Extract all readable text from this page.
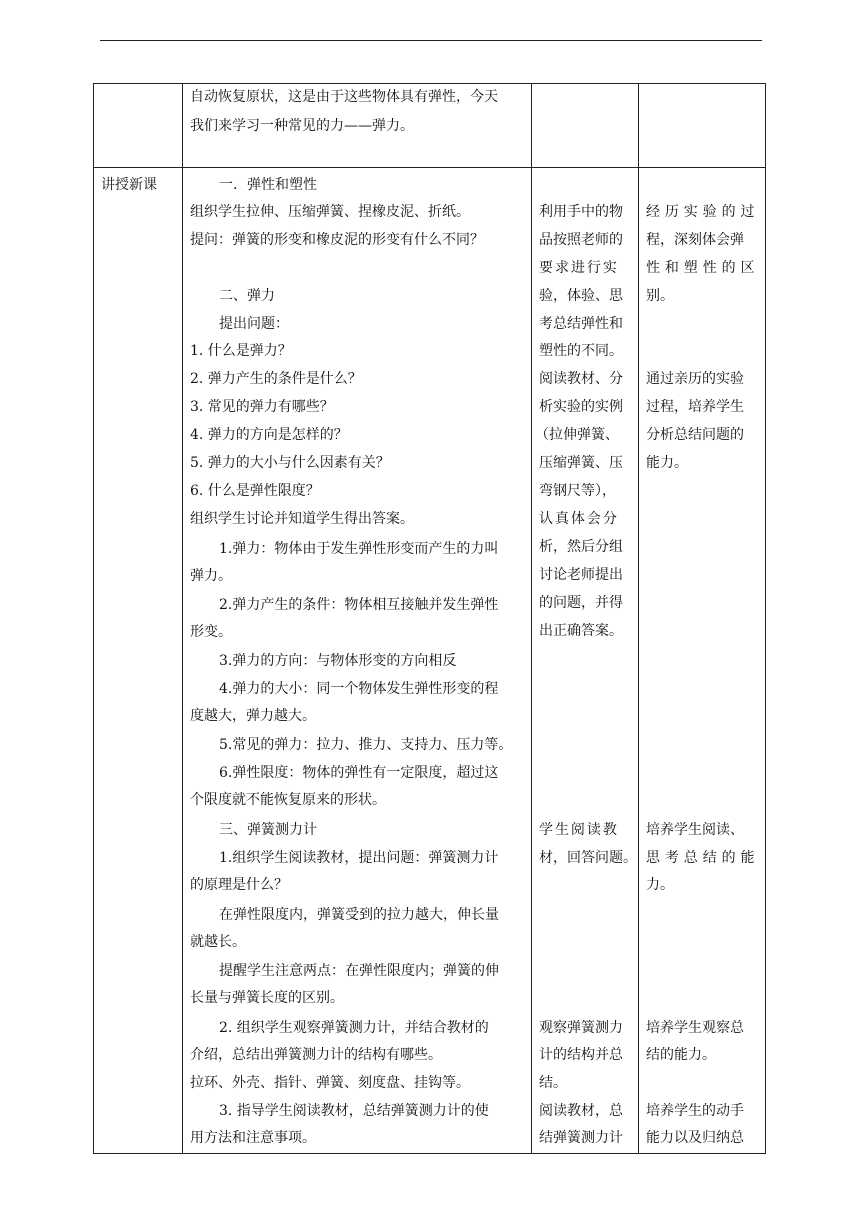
自动恢复原状，这是由于这些物体具有弹性，今天

我们来学习一种常见的力——弹力。

讲授新课	一．弹性和塑性

组织学生拉伸、压缩弹簧、捏橡皮泥、折纸。

提问：弹簧的形变和橡皮泥的形变有什么不同？

二、弹力

提出问题：

1. 什么是弹力？

2. 弹力产生的条件是什么？

3. 常见的弹力有哪些？

4. 弹力的方向是怎样的？

5. 弹力的大小与什么因素有关？

6. 什么是弹性限度？

组织学生讨论并知道学生得出答案。

1.弹力：物体由于发生弹性形变而产生的力叫

弹力。

2.弹力产生的条件：物体相互接触并发生弹性

形变。

3.弹力的方向：与物体形变的方向相反

4.弹力的大小：同一个物体发生弹性形变的程

度越大，弹力越大。

5.常见的弹力：拉力、推力、支持力、压力等。

6.弹性限度：物体的弹性有一定限度，超过这

个限度就不能恢复原来的形状。

三、弹簧测力计

1.组织学生阅读教材，提出问题：弹簧测力计

的原理是什么？

在弹性限度内，弹簧受到的拉力越大，伸长量

就越长。

提醒学生注意两点：在弹性限度内；弹簧的伸

长量与弹簧长度的区别。

2. 组织学生观察弹簧测力计，并结合教材的

介绍，总结出弹簧测力计的结构有哪些。

拉环、外壳、指针、弹簧、刻度盘、挂钩等。

3. 指导学生阅读教材，总结弹簧测力计的使

用方法和注意事项。

利用手中的物

品按照老师的

要求进行实

验，体验、思

考总结弹性和

塑性的不同。

阅读教材、分

析实验的实例

（拉伸弹簧、

压缩弹簧、压

弯钢尺等），

认真体会分

析，然后分组

讨论老师提出

的问题，并得

出正确答案。

学生阅读教

材，回答问题。

观察弹簧测力

计的结构并总

结。

阅读教材，总

结弹簧测力计

经历实验的过

程，深刻体会弹

性和塑性的区

别。

通过亲历的实验

过程，培养学生

分析总结问题的

能力。

培养学生阅读、

思考总结的能

力。

培养学生观察总

结的能力。

培养学生的动手

能力以及归纳总
